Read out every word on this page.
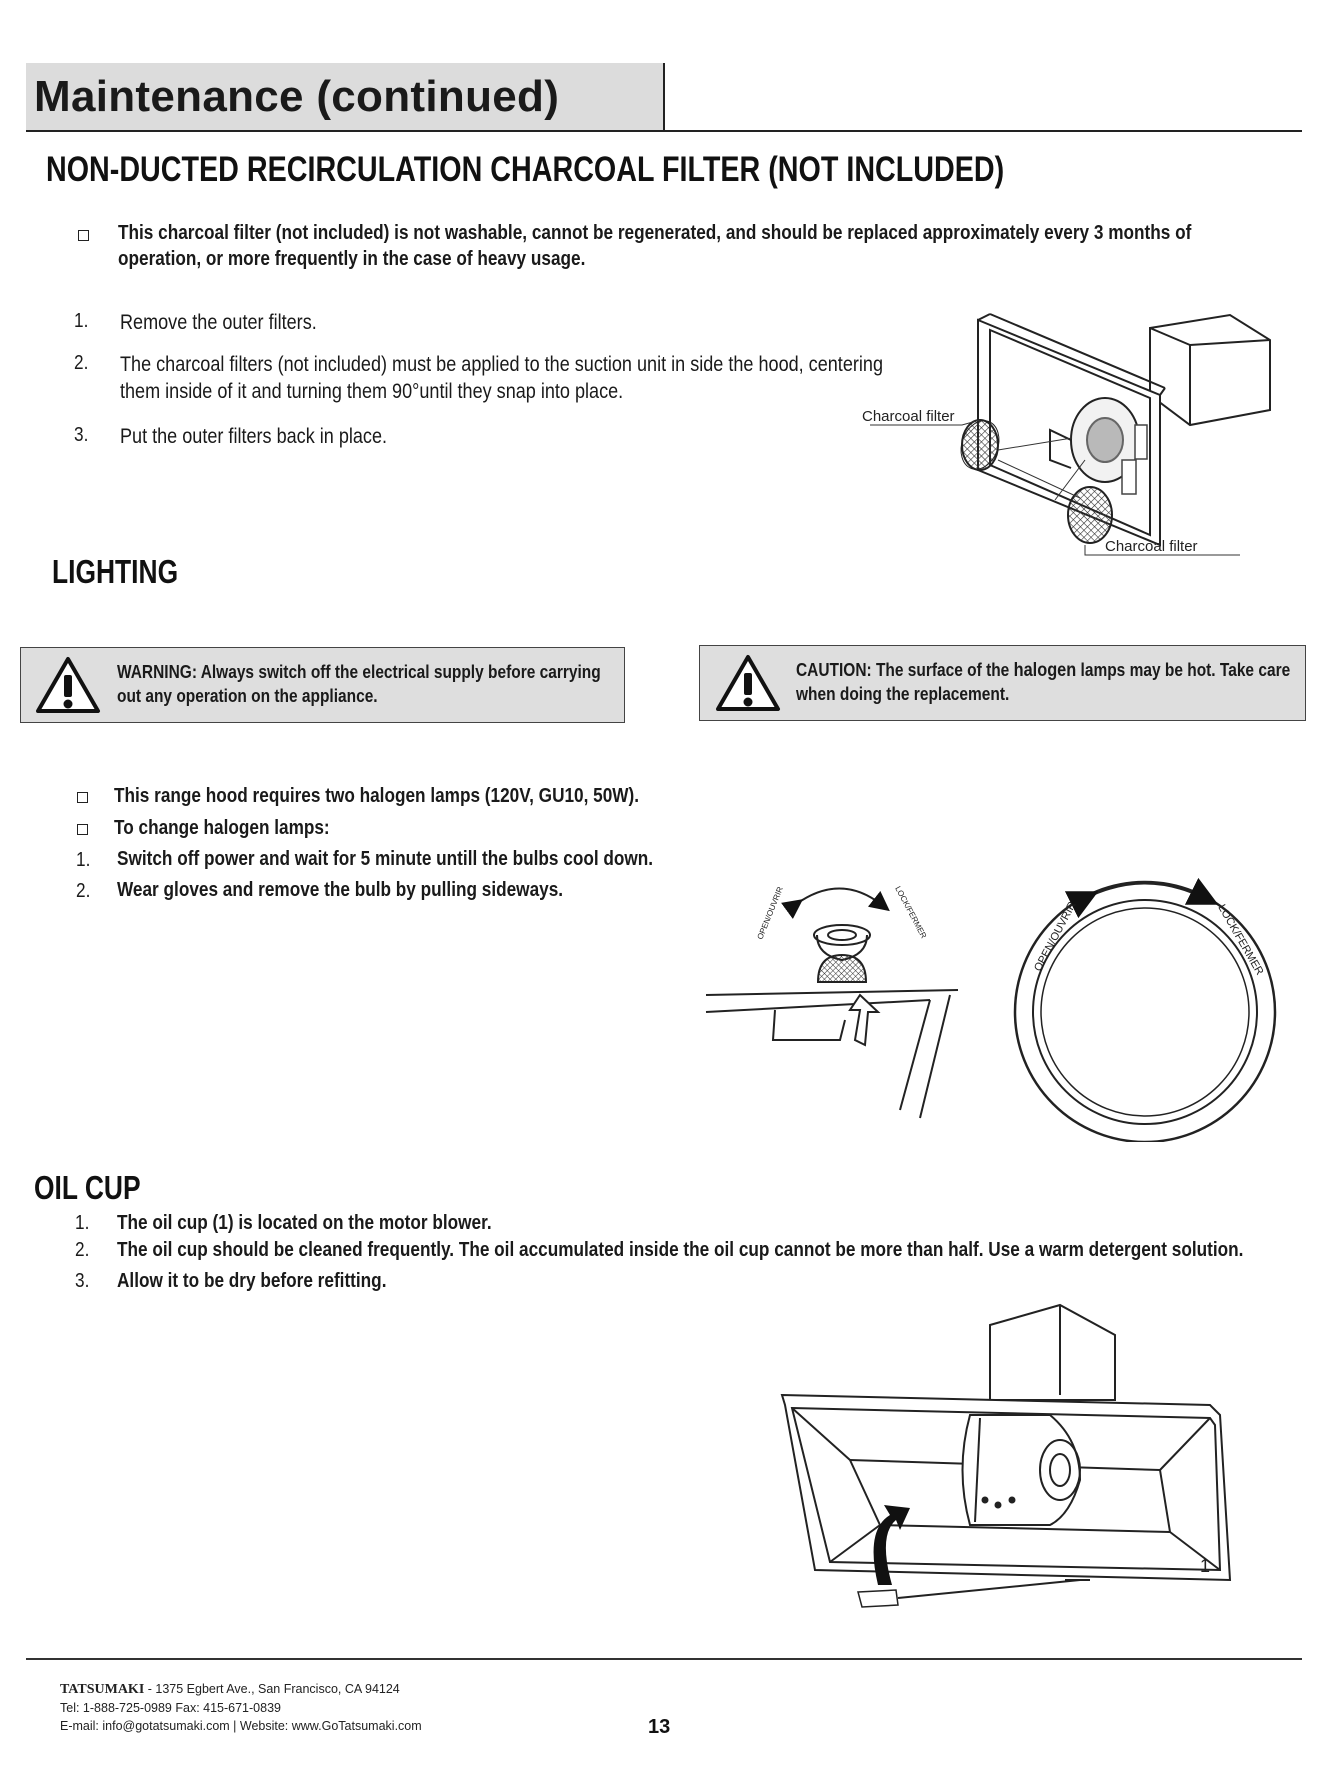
Maintenance (continued)
NON-DUCTED RECIRCULATION CHARCOAL FILTER (NOT INCLUDED)
This charcoal filter (not included) is not washable, cannot be regenerated, and should be replaced approximately every 3 months of
operation, or more frequently in the case of heavy usage.
1. Remove the outer filters.
2. The charcoal filters (not included) must be applied to the suction unit in side the hood, centering
them inside of it and turning them 90°until they snap into place.
3. Put the outer filters back in place.
Charcoal filter
Charcoal filter
LIGHTING
WARNING: Always switch off the electrical supply before carrying
out any operation on the appliance.
CAUTION: The surface of the halogen lamps may be hot. Take care
when doing the replacement.
This range hood requires two halogen lamps (120V, GU10, 50W).
To change halogen lamps:
1. Switch off power and wait for 5 minute untill the bulbs cool down.
2. Wear gloves and remove the bulb by pulling sideways.	OPEN/OUVRIR	LOCK/FERMER	OPEN/OUVRIR	LOCK/FERMER
OIL CUP
1. The oil cup (1) is located on the motor blower.
2. The oil cup should be cleaned frequently. The oil accumulated inside the oil cup cannot be more than half. Use a warm detergent solution.
3. Allow it to be dry before refitting.
1
TATSUMAKI - 1375 Egbert Ave., San Francisco, CA 94124
Tel: 1-888-725-0989 Fax: 415-671-0839
E-mail: info@gotatsumaki.com | Website: www.GoTatsumaki.com	13
